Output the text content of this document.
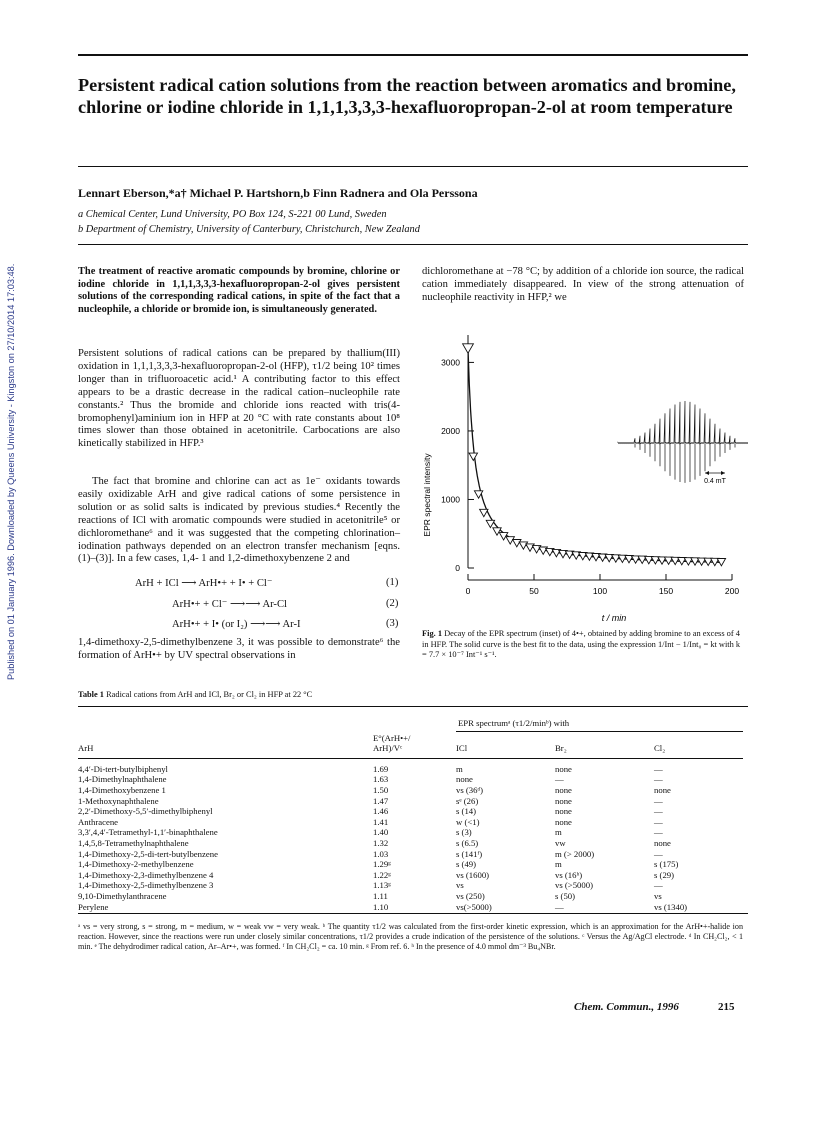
Published on 01 January 1996. Downloaded by Queens University - Kingston on 27/10/2014 17:03:48.
Persistent radical cation solutions from the reaction between aromatics and bromine, chlorine or iodine chloride in 1,1,1,3,3,3-hexafluoropropan-2-ol at room temperature
Lennart Eberson,*a† Michael P. Hartshorn,b Finn Radnera and Ola Perssona
a Chemical Center, Lund University, PO Box 124, S-221 00 Lund, Sweden
b Department of Chemistry, University of Canterbury, Christchurch, New Zealand
The treatment of reactive aromatic compounds by bromine, chlorine or iodine chloride in 1,1,1,3,3,3-hexafluoropropan-2-ol gives persistent solutions of the corresponding radical cations, in spite of the fact that a nucleophile, a chloride or bromide ion, is simultaneously generated.
Persistent solutions of radical cations can be prepared by thallium(III) oxidation in 1,1,1,3,3,3-hexafluoropropan-2-ol (HFP), τ1/2 being 10² times longer than in trifluoroacetic acid.¹ A contributing factor to this effect appears to be a drastic decrease in the radical cation–nucleophile rate constants.² Thus the bromide and chloride ions reacted with tris(4-bromophenyl)aminium ion in HFP at 20 °C with rate constants about 10⁸ times slower than those obtained in acetonitrile. Carbocations are also kinetically stabilized in HFP.³
The fact that bromine and chlorine can act as 1e⁻ oxidants towards easily oxidizable ArH and give radical cations of some persistence in solution or as solid salts is indicated by previous studies.⁴ Recently the reactions of ICl with aromatic compounds were studied in acetonitrile⁵ or dichloromethane⁶ and it was suggested that the competing chlorination–iodination pathways depended on an electron transfer mechanism [eqns. (1)–(3)]. In a few cases, 1,4- 1 and 1,2-dimethoxybenzene 2 and
ArH + ICl ⟶ ArH•+ + I• + Cl⁻	(1)
ArH•+ + Cl⁻ ⟶⟶ Ar-Cl	(2)
ArH•+ + I• (or I₂) ⟶⟶ Ar-I	(3)
1,4-dimethoxy-2,5-dimethylbenzene 3, it was possible to demonstrate⁶ the formation of ArH•+ by UV spectral observations in
dichloromethane at −78 °C; by addition of a chloride ion source, the radical cation immediately disappeared. In view of the strong attenuation of nucleophile reactivity in HFP,² we
0
1000
2000
3000
0	50	100	150	200
EPR spectral intensity
t / min
0.4 mT
Fig. 1 Decay of the EPR spectrum (inset) of 4•+, obtained by adding bromine to an excess of 4 in HFP. The solid curve is the best fit to the data, using the expression 1/Int − 1/Int₀ = kt with k = 7.7 × 10⁻⁷ Int⁻¹ s⁻¹.
Table 1 Radical cations from ArH and ICl, Br₂ or Cl₂ in HFP at 22 °C
		EPR spectrumᵃ (τ1/2/minᵇ) with		

	E°(ArH•+/			
ArH	ArH)/Vᶜ	ICl	Br₂	Cl₂

4,4′-Di-tert-butylbiphenyl	1.69	m	none	—
1,4-Dimethylnaphthalene	1.63	none	—	—
1,4-Dimethoxybenzene 1	1.50	vs (36ᵈ)	none	none
1-Methoxynaphthalene	1.47	sᵉ (26)	none	—
2,2′-Dimethoxy-5,5′-dimethylbiphenyl	1.46	s (14)	none	—
Anthracene	1.41	w (<1)	none	—
3,3′,4,4′-Tetramethyl-1,1′-binaphthalene	1.40	s (3)	m	—
1,4,5,8-Tetramethylnaphthalene	1.32	s (6.5)	vw	none
1,4-Dimethoxy-2,5-di-tert-butylbenzene	1.03	s (141ᶠ)	m (> 2000)	—
1,4-Dimethoxy-2-methylbenzene	1.29ᵍ	s (49)	m	s (175)
1,4-Dimethoxy-2,3-dimethylbenzene 4	1.22ᵍ	vs (1600)	vs (16ʰ)	s (29)
1,4-Dimethoxy-2,5-dimethylbenzene 3	1.13ᵍ	vs	vs (>5000)	—
9,10-Dimethylanthracene	1.11	vs (250)	s (50)	vs
Perylene	1.10	vs(>5000)	—	vs (1340)
ᵃ vs = very strong, s = strong, m = medium, w = weak vw = very weak. ᵇ The quantity τ1/2 was calculated from the first-order kinetic expression, which is an approximation for the ArH•+-halide ion reaction. However, since the reactions were run under closely similar concentrations, τ1/2 provides a crude indication of the persistence of the solutions. ᶜ Versus the Ag/AgCl electrode. ᵈ In CH₂Cl₂, < 1 min. ᵉ The dehydrodimer radical cation, Ar–Ar•+, was formed. ᶠ In CH₂Cl₂ = ca. 10 min. ᵍ From ref. 6. ʰ In the presence of 4.0 mmol dm⁻³ Bu₄NBr.
Chem. Commun., 1996	215
